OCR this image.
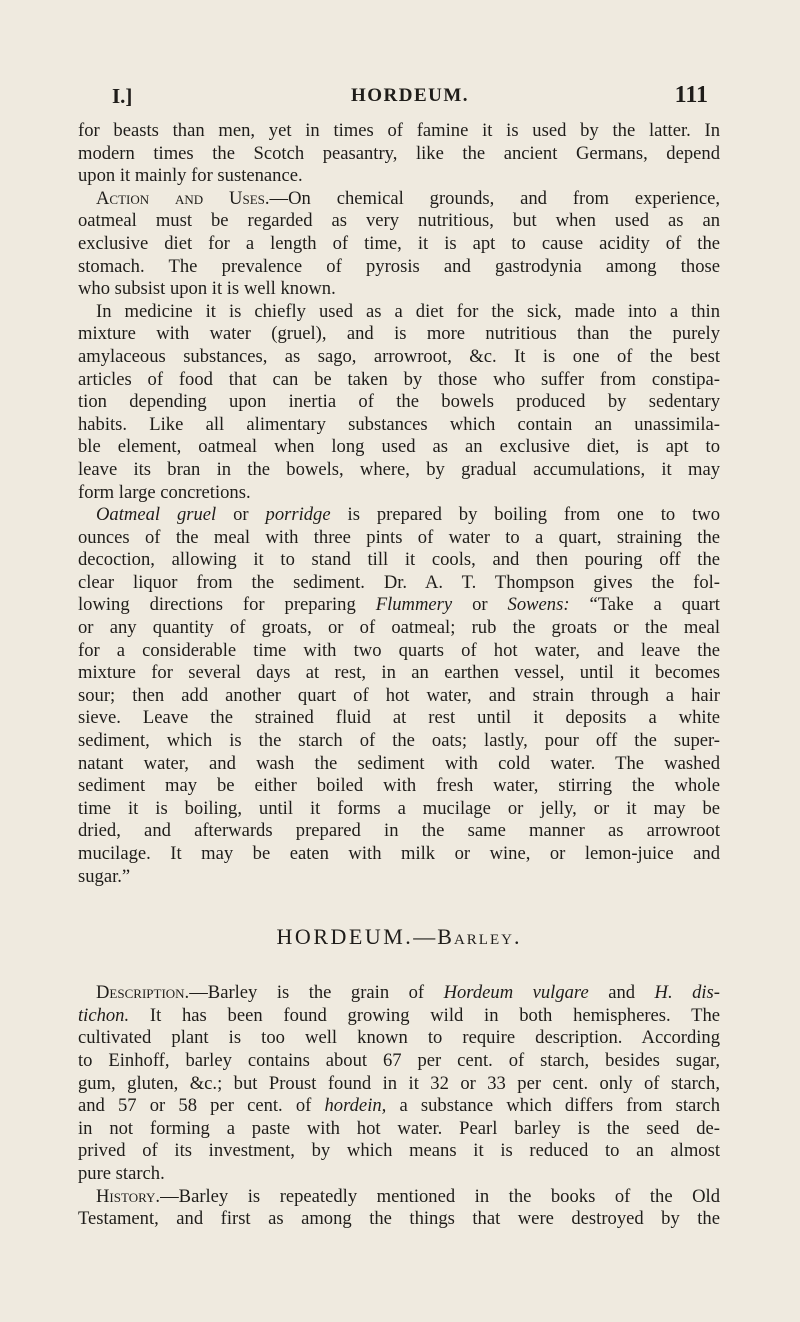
I.]	HORDEUM.	111
for beasts than men, yet in times of famine it is used by the latter. In
modern times the Scotch peasantry, like the ancient Germans, depend
upon it mainly for sustenance.
Action and Uses.—On chemical grounds, and from experience,
oatmeal must be regarded as very nutritious, but when used as an
exclusive diet for a length of time, it is apt to cause acidity of the
stomach. The prevalence of pyrosis and gastrodynia among those
who subsist upon it is well known.
In medicine it is chiefly used as a diet for the sick, made into a thin
mixture with water (gruel), and is more nutritious than the purely
amylaceous substances, as sago, arrowroot, &c. It is one of the best
articles of food that can be taken by those who suffer from constipa-
tion depending upon inertia of the bowels produced by sedentary
habits. Like all alimentary substances which contain an unassimila-
ble element, oatmeal when long used as an exclusive diet, is apt to
leave its bran in the bowels, where, by gradual accumulations, it may
form large concretions.
Oatmeal gruel or porridge is prepared by boiling from one to two
ounces of the meal with three pints of water to a quart, straining the
decoction, allowing it to stand till it cools, and then pouring off the
clear liquor from the sediment. Dr. A. T. Thompson gives the fol-
lowing directions for preparing Flummery or Sowens: “Take a quart
or any quantity of groats, or of oatmeal; rub the groats or the meal
for a considerable time with two quarts of hot water, and leave the
mixture for several days at rest, in an earthen vessel, until it becomes
sour; then add another quart of hot water, and strain through a hair
sieve. Leave the strained fluid at rest until it deposits a white
sediment, which is the starch of the oats; lastly, pour off the super-
natant water, and wash the sediment with cold water. The washed
sediment may be either boiled with fresh water, stirring the whole
time it is boiling, until it forms a mucilage or jelly, or it may be
dried, and afterwards prepared in the same manner as arrowroot
mucilage. It may be eaten with milk or wine, or lemon-juice and
sugar.”
HORDEUM.—Barley.
Description.—Barley is the grain of Hordeum vulgare and H. dis-
tichon. It has been found growing wild in both hemispheres. The
cultivated plant is too well known to require description. According
to Einhoff, barley contains about 67 per cent. of starch, besides sugar,
gum, gluten, &c.; but Proust found in it 32 or 33 per cent. only of starch,
and 57 or 58 per cent. of hordein, a substance which differs from starch
in not forming a paste with hot water. Pearl barley is the seed de-
prived of its investment, by which means it is reduced to an almost
pure starch.
History.—Barley is repeatedly mentioned in the books of the Old
Testament, and first as among the things that were destroyed by the
